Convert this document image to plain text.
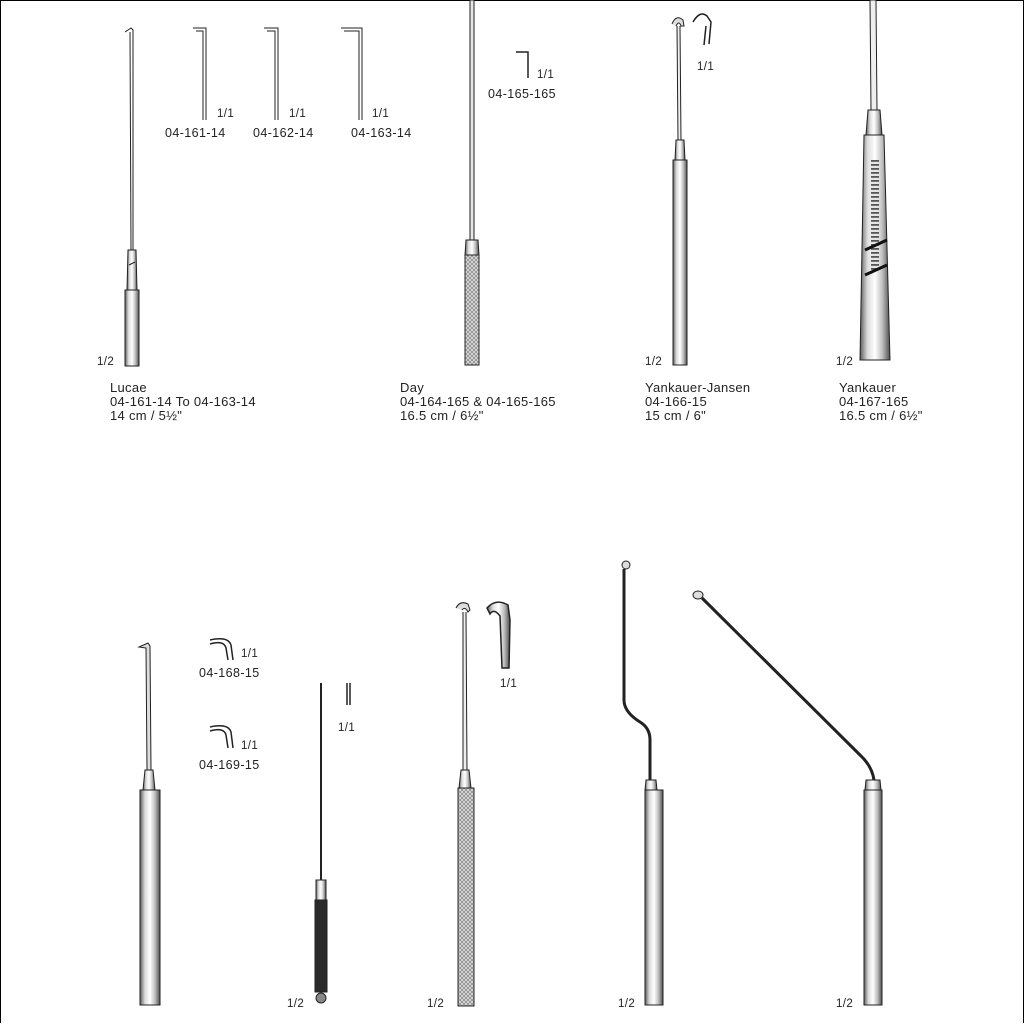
1/1	1/1	1/1
04-161-14 04-162-14	04-163-14
1/1
04-165-165
1/1
1/2	1/2	1/2
Lucae
04-161-14 To 04-163-14
14 cm / 5½"
Day
04-164-165 & 04-165-165
16.5 cm / 6½"
Yankauer-Jansen
04-166-15
15 cm / 6"
Yankauer
04-167-165
16.5 cm / 6½"
1/1
04-168-15
1/1
04-169-15
1/1
1/1
1/2	1/2	1/2	1/2
